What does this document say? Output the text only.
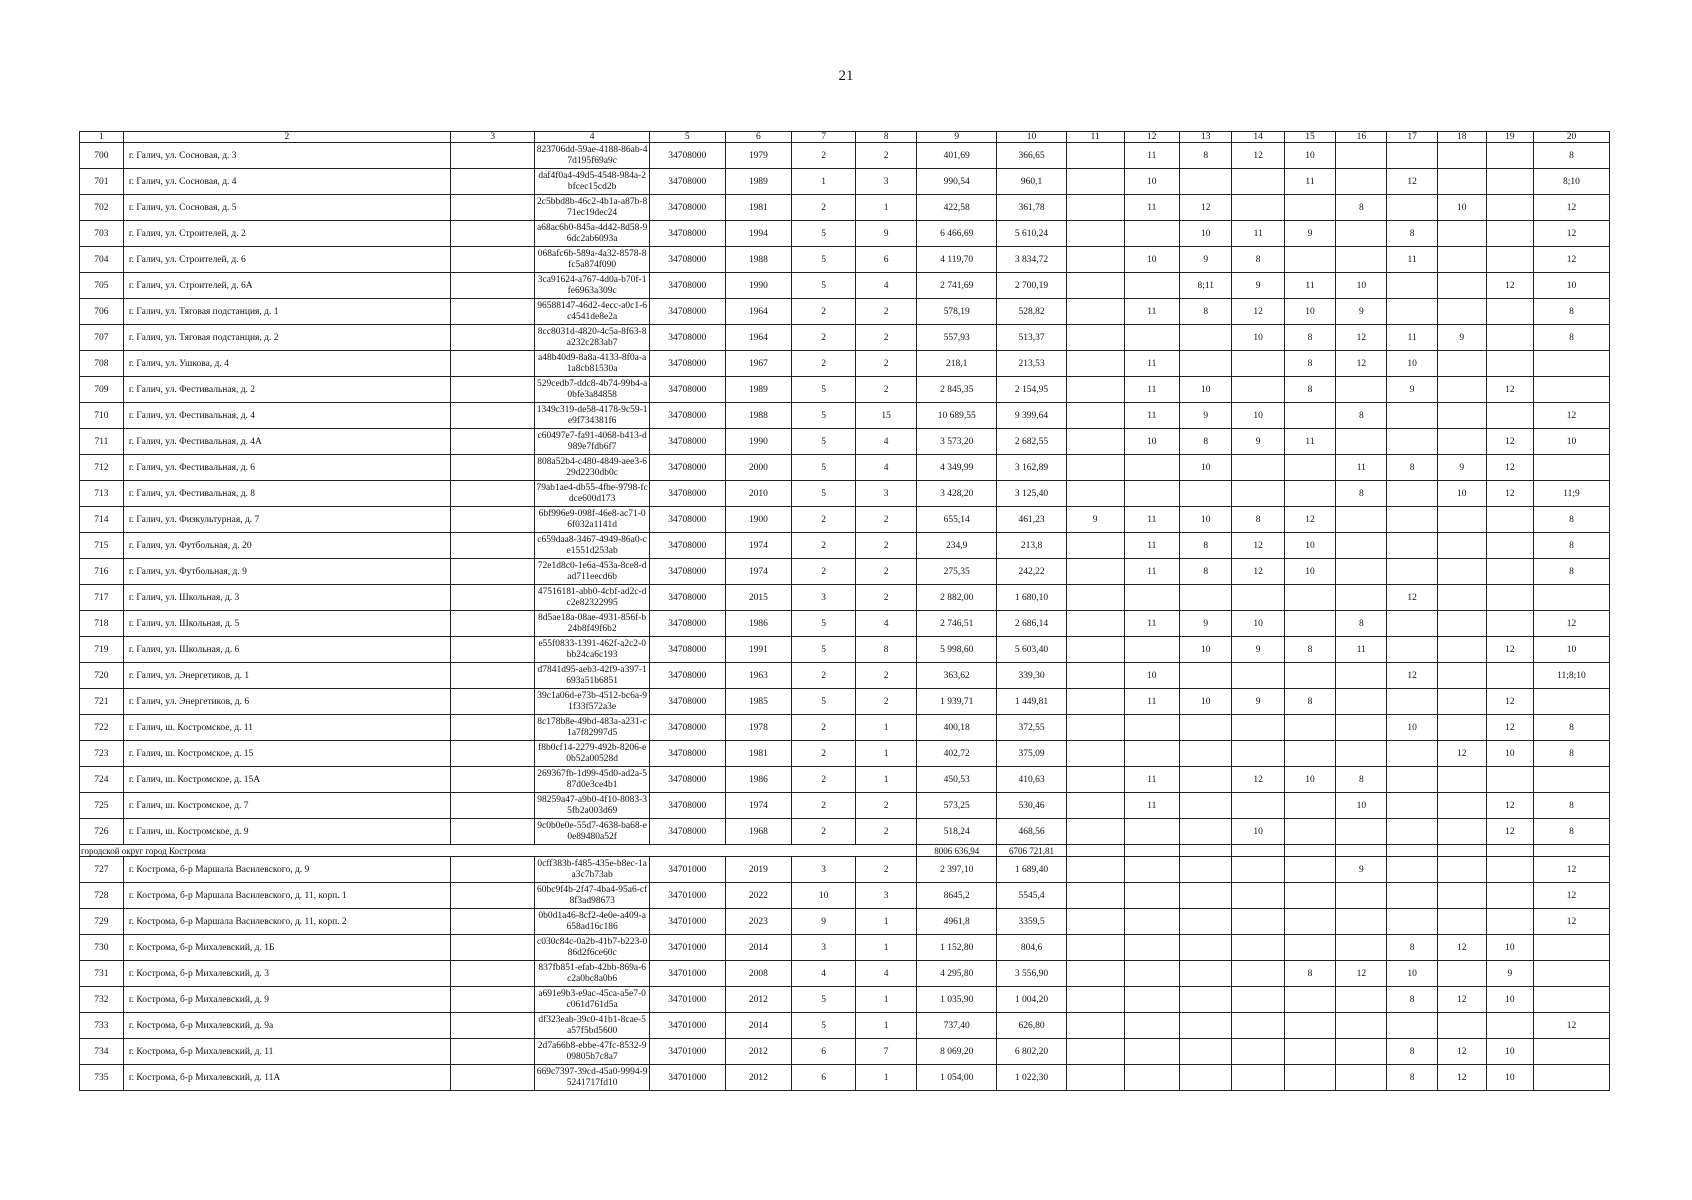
21
1	2	3	4	5	6	7	8	9	10	11	12	13	14	15	16	17	18	19	20
700	г. Галич, ул. Сосновая, д. 3		823706dd-59ae-4188-86ab-47d195f69a9c	34708000	1979	2	2	401,69	366,65		11	8	12	10					8
701	г. Галич, ул. Сосновая, д. 4		daf4f0a4-49d5-4548-984a-2bfcec15cd2b	34708000	1989	1	3	990,54	960,1		10			11		12			8;10
702	г. Галич, ул. Сосновая, д. 5		2c5bbd8b-46c2-4b1a-a87b-871ec19dec24	34708000	1981	2	1	422,58	361,78		11	12			8		10		12
703	г. Галич, ул. Строителей, д. 2		a68ac6b0-845a-4d42-8d58-96dc2ab6093a	34708000	1994	5	9	6 466,69	5 610,24			10	11	9		8			12
704	г. Галич, ул. Строителей, д. 6		068afc6b-589a-4a32-8578-8fc5a874f090	34708000	1988	5	6	4 119,70	3 834,72		10	9	8			11			12
705	г. Галич, ул. Строителей, д. 6А		3ca91624-a767-4d0a-b70f-1fe6963a309c	34708000	1990	5	4	2 741,69	2 700,19			8;11	9	11	10			12	10
706	г. Галич, ул. Тяговая подстанция, д. 1		96588147-46d2-4ecc-a0c1-6c4541de8e2a	34708000	1964	2	2	578,19	528,82		11	8	12	10	9				8
707	г. Галич, ул. Тяговая подстанция, д. 2		8cc8031d-4820-4c5a-8f63-8a232c283ab7	34708000	1964	2	2	557,93	513,37				10	8	12	11	9		8
708	г. Галич, ул. Ушкова, д. 4		a48b40d9-8a8a-4133-8f0a-a1a8cb81530a	34708000	1967	2	2	218,1	213,53		11			8	12	10			
709	г. Галич, ул. Фестивальная, д. 2		529cedb7-ddc8-4b74-99b4-a0bfe3a84858	34708000	1989	5	2	2 845,35	2 154,95		11	10		8		9		12	
710	г. Галич, ул. Фестивальная, д. 4		1349c319-de58-4178-9c59-1e9f734381f6	34708000	1988	5	15	10 689,55	9 399,64		11	9	10		8				12
711	г. Галич, ул. Фестивальная, д. 4А		c60497e7-fa91-4068-b413-d989e7fdb6f7	34708000	1990	5	4	3 573,20	2 682,55		10	8	9	11				12	10
712	г. Галич, ул. Фестивальная, д. 6		808a52b4-c480-4849-aee3-629d2230db0c	34708000	2000	5	4	4 349,99	3 162,89			10			11	8	9	12	
713	г. Галич, ул. Фестивальная, д. 8		79ab1ae4-db55-4fbe-9798-fcdce600d173	34708000	2010	5	3	3 428,20	3 125,40						8		10	12	11;9
714	г. Галич, ул. Физкультурная, д. 7		6bf996e9-098f-46e8-ac71-06f032a1141d	34708000	1900	2	2	655,14	461,23	9	11	10	8	12					8
715	г. Галич, ул. Футбольная, д. 20		c659daa8-3467-4949-86a0-ce1551d253ab	34708000	1974	2	2	234,9	213,8		11	8	12	10					8
716	г. Галич, ул. Футбольная, д. 9		72e1d8c0-1e6a-453a-8ce8-dad711eecd6b	34708000	1974	2	2	275,35	242,22		11	8	12	10					8
717	г. Галич, ул. Школьная, д. 3		47516181-abb0-4cbf-ad2c-dc2e82322995	34708000	2015	3	2	2 882,00	1 680,10							12			
718	г. Галич, ул. Школьная, д. 5		8d5ae18a-08ae-4931-856f-b24b8f49f6b2	34708000	1986	5	4	2 746,51	2 686,14		11	9	10		8				12
719	г. Галич, ул. Школьная, д. 6		e55f0833-1391-462f-a2c2-0bb24ca6c193	34708000	1991	5	8	5 998,60	5 603,40			10	9	8	11			12	10
720	г. Галич, ул. Энергетиков, д. 1		d7841d95-aeb3-42f9-a397-1693a51b6851	34708000	1963	2	2	363,62	339,30		10					12			11;8;10
721	г. Галич, ул. Энергетиков, д. 6		39c1a06d-e73b-4512-bc6a-91f33f572a3e	34708000	1985	5	2	1 939,71	1 449,81		11	10	9	8				12	
722	г. Галич, ш. Костромское, д. 11		8c178b8e-49bd-483a-a231-c1a7f82997d5	34708000	1978	2	1	400,18	372,55							10		12	8
723	г. Галич, ш. Костромское, д. 15		f8b0cf14-2279-492b-8206-e0b52a00528d	34708000	1981	2	1	402,72	375,09								12	10	8
724	г. Галич, ш. Костромское, д. 15А		269367fb-1d99-45d0-ad2a-587d0e3ce4b1	34708000	1986	2	1	450,53	410,63		11		12	10	8				
725	г. Галич, ш. Костромское, д. 7		98259a47-a9b0-4f10-8083-35fb2a003d69	34708000	1974	2	2	573,25	530,46		11				10			12	8
726	г. Галич, ш. Костромское, д. 9		9c0b0e0e-55d7-4638-ba68-e0e89480a52f	34708000	1968	2	2	518,24	468,56				10					12	8
городской округ город Кострома								8006 636,94	6706 721,81										
727	г. Кострома, б-р Маршала Василевского, д. 9		0cff383b-f485-435e-b8ec-1aa3c7b73ab	34701000	2019	3	2	2 397,10	1 689,40						9				12
728	г. Кострома, б-р Маршала Василевского, д. 11, корп. 1		60bc9f4b-2f47-4ba4-95a6-cf8f3ad98673	34701000	2022	10	3	8645,2	5545,4										12
729	г. Кострома, б-р Маршала Василевского, д. 11, корп. 2		0b0d1a46-8cf2-4e0e-a409-a658ad16c186	34701000	2023	9	1	4961,8	3359,5										12
730	г. Кострома, б-р Михалевский, д. 1Б		c030c84c-0a2b-41b7-b223-086d2f6ce60c	34701000	2014	3	1	1 152,80	804,6							8	12	10	
731	г. Кострома, б-р Михалевский, д. 3		837fb851-efab-42bb-869a-6c2a0bc8a0b6	34701000	2008	4	4	4 295,80	3 556,90					8	12	10		9	
732	г. Кострома, б-р Михалевский, д. 9		a691e9b3-e9ac-45ca-a5e7-0c061d761d5a	34701000	2012	5	1	1 035,90	1 004,20							8	12	10	
733	г. Кострома, б-р Михалевский, д. 9а		df323eab-39c0-41b1-8cae-5a57f5bd5600	34701000	2014	5	1	737,40	626,80										12
734	г. Кострома, б-р Михалевский, д. 11		2d7a66b8-ebbe-47fc-8532-909805b7c8a7	34701000	2012	6	7	8 069,20	6 802,20							8	12	10	
735	г. Кострома, б-р Михалевский, д. 11А		669c7397-39cd-45a0-9994-95241717fd10	34701000	2012	6	1	1 054,00	1 022,30							8	12	10	
